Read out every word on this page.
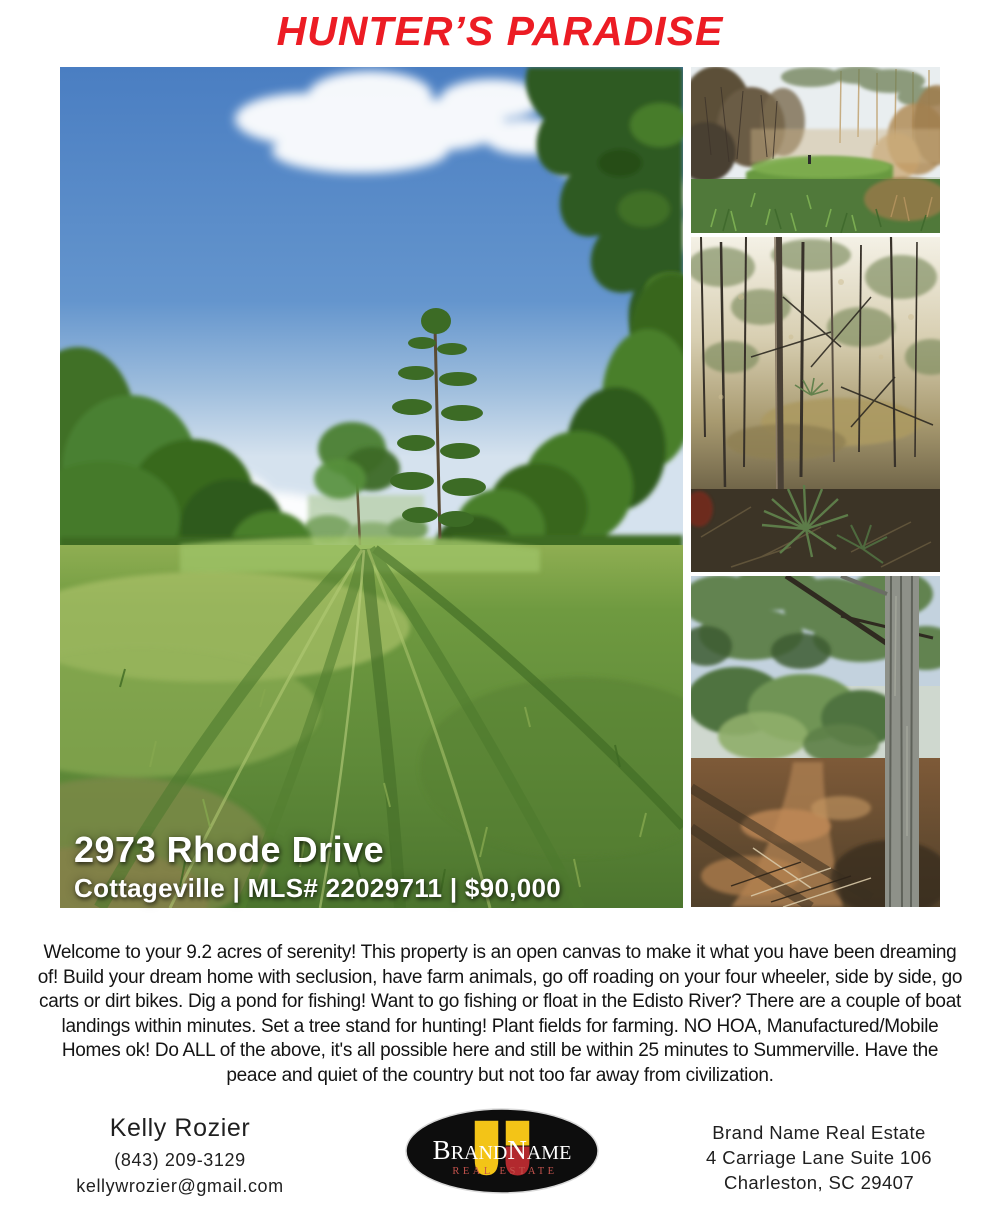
HUNTER’S PARADISE
2973 Rhode Drive
Cottageville | MLS# 22029711 | $90,000

Welcome to your 9.2 acres of serenity! This property is an open canvas to make it what you have been dreaming of! Build your dream home with seclusion, have farm animals, go off roading on your four wheeler, side by side, go carts or dirt bikes. Dig a pond for fishing! Want to go fishing or float in the Edisto River? There are a couple of boat landings within minutes. Set a tree stand for hunting! Plant fields for farming. NO HOA, Manufactured/Mobile Homes ok! Do ALL of the above, it's all possible here and still be within 25 minutes to Summerville. Have the peace and quiet of the country but not too far away from civilization.

Kelly Rozier
(843) 209-3129
kellywrozier@gmail.com
BRANDNAME
REAL ESTATE
Brand Name Real Estate
4 Carriage Lane Suite 106
Charleston, SC 29407
